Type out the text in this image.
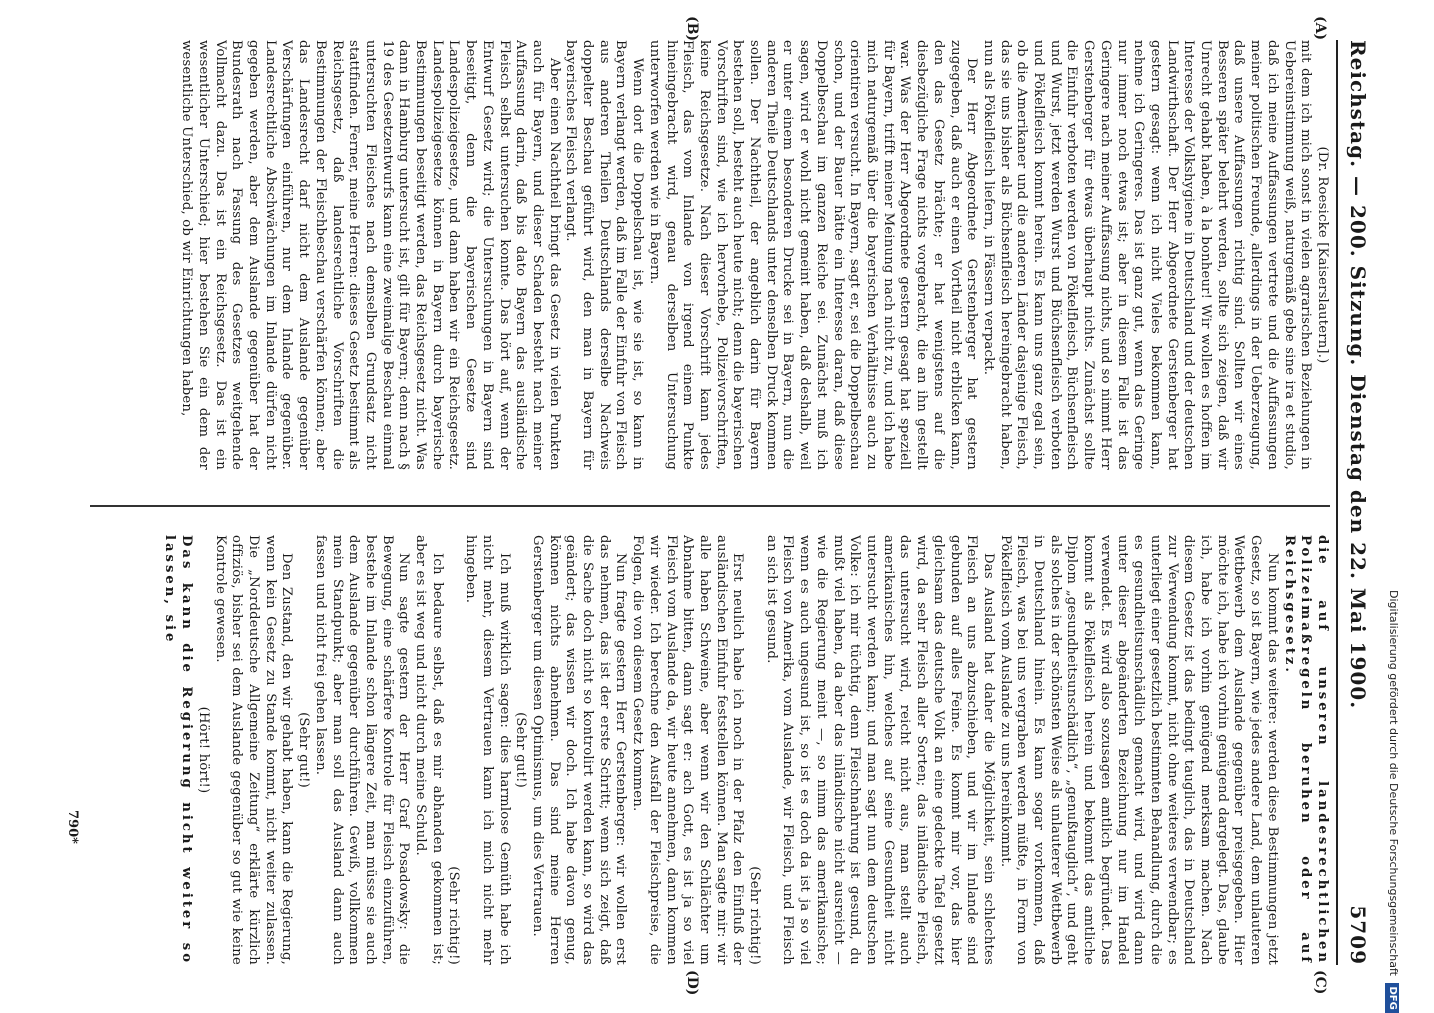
Reichstag. — 200. Sitzung. Dienstag den 22. Mai 1900.
5709
(A)
(B)
(C)
(D)

(Dr. Roesicke [Kaiserslautern].)

mit dem ich mich sonst in vielen agrarischen Beziehungen in Uebereinstimmung weiß, naturgemäß gebe sine ira et studio, daß ich meine Auffassungen vertrete und die Auffassungen meiner politischen Freunde, allerdings in der Ueberzeugung, daß unsere Auffassungen richtig sind. Sollten wir eines Besseren später belehrt werden, sollte sich zeigen, daß wir Unrecht gehabt haben, à la bonheur! Wir wollen es hoffen im Interesse der Volkshygiene in Deutschland und der deutschen Landwirthschaft. Der Herr Abgeordnete Gerstenberger hat gestern gesagt: wenn ich nicht Vieles bekommen kann, nehme ich Geringeres. Das ist ganz gut, wenn das Geringe nur immer noch etwas ist; aber in diesem Falle ist das Geringere nach meiner Auffassung nichts, und so nimmt Herr Gerstenberger für etwas überhaupt nichts. Zunächst sollte die Einfuhr verboten werden von Pökelfleisch, Büchsenfleisch und Wurst, jetzt werden Wurst und Büchsenfleisch verboten und Pökelfleisch kommt herein. Es kann uns ganz egal sein, ob die Amerikaner und die anderen Länder dasjenige Fleisch, das sie uns bisher als Büchsenfleisch hereingebracht haben, nun als Pökelfleisch liefern, in Fässern verpackt.

Der Herr Abgeordnete Gerstenberger hat gestern zugegeben, daß auch er einen Vortheil nicht erblicken kann, den das Gesetz brächte; er hat wenigstens auf die diesbezügliche Frage nichts vorgebracht, die an ihn gestellt war. Was der Herr Abgeordnete gestern gesagt hat speziell für Bayern, trifft meiner Meinung nach nicht zu, und ich habe mich naturgemäß über die bayerischen Verhältnisse auch zu orientiren versucht. In Bayern, sagt er, sei die Doppelbeschau schon, und der Bauer hätte ein Interesse daran, daß diese Doppelbeschau im ganzen Reiche sei. Zunächst muß ich sagen, wird er wohl nicht gemeint haben, daß deshalb, weil er unter einem besonderen Drucke sei in Bayern, nun die anderen Theile Deutschlands unter denselben Druck kommen sollen. Der Nachtheil, der angeblich darin für Bayern bestehen soll, besteht auch heute nicht; denn die bayerischen Vorschriften sind, wie ich hervorhebe, Polizeivorschriften, keine Reichsgesetze. Nach dieser Vorschrift kann jedes Fleisch, das vom Inlande von irgend einem Punkte hineingebracht wird, genau derselben Untersuchung unterworfen werden wie in Bayern.

Wenn dort die Doppelschau ist, wie sie ist, so kann in Bayern verlangt werden, daß im Falle der Einfuhr von Fleisch aus anderen Theilen Deutschlands derselbe Nachweis doppelter Beschau geführt wird, den man in Bayern für bayerisches Fleisch verlangt.

Aber einen Nachtheil bringt das Gesetz in vielen Punkten auch für Bayern, und dieser Schaden besteht nach meiner Auffassung darin, daß bis dato Bayern das ausländische Fleisch selbst untersuchen konnte. Das hört auf, wenn der Entwurf Gesetz wird; die Untersuchungen in Bayern sind beseitigt, denn die bayerischen Gesetze sind Landespolizeigesetze, und dann haben wir ein Reichsgesetz. Landespolizeigesetze können in Bayern durch bayerische Bestimmungen beseitigt werden, das Reichsgesetz nicht. Was dann in Hamburg untersucht ist, gilt für Bayern; denn nach § 19 des Gesetzentwurfs kann eine zweimalige Beschau einmal untersuchten Fleisches nach demselben Grundsatz nicht stattfinden. Ferner, meine Herren: dieses Gesetz bestimmt als Reichsgesetz, daß landesrechtliche Vorschriften die Bestimmungen der Fleischbeschau verschärfen können; aber das Landesrecht darf nicht dem Auslande gegenüber Verschärfungen einführen, nur dem Inlande gegenüber. Landesrechtliche Abschwächungen im Inlande dürfen nicht gegeben werden, aber dem Auslande gegenüber hat der Bundesrath nach Fassung des Gesetzes weitgehende Vollmacht dazu. Das ist ein Reichsgesetz. Das ist ein wesentlicher Unterschied; hier bestehen Sie ein dem der wesentliche Unterschied, ob wir Einrichtungen haben,

die auf unseren landesrechtlichen Polizeimaßregeln beruhen oder auf Reichsgesetz.

Nun kommt das weitere: werden diese Bestimmungen jetzt Gesetz, so ist Bayern, wie jedes andere Land, dem unlauteren Wettbewerb dem Auslande gegenüber preisgegeben. Hier möchte ich, habe ich vorhin genügend dargelegt. Das, glaube ich, habe ich vorhin genügend merksam machen. Nach diesem Gesetz ist das bedingt tauglich, das in Deutschland zur Verwendung kommt, nicht ohne weiteres verwendbar; es unterliegt einer gesetzlich bestimmten Behandlung, durch die es gesundheitsunschädlich gemacht wird, und wird dann unter dieser abgeänderten Bezeichnung nur im Handel verwendet. Es wird also sozusagen amtlich begründet. Das kommt als Pökelfleisch herein und bekommt das amtliche Diplom „gesundheitsunschädlich“, „genußtauglich“, und geht als solches in der schönsten Weise als unlauterer Wettbewerb in Deutschland hinein. Es kann sogar vorkommen, daß Fleisch, was bei uns vergraben werden müßte, in Form von Pökelfleisch vom Auslande zu uns hereinkommt.

Das Ausland hat daher die Möglichkeit, sein schlechtes Fleisch an uns abzuschieben, und wir im Inlande sind gebunden auf alles Feine. Es kommt mir vor, das hier gleichsam das deutsche Volk an eine gedeckte Tafel gesetzt wird, da sehr Fleisch aller Sorten; das inländische Fleisch, das untersucht wird, reicht nicht aus, man stellt auch amerikanisches hin, welches auf seine Gesundheit nicht untersucht werden kann; und man sagt nun dem deutschen Volke: ich mir tüchtig, denn Fleischnahrung ist gesund, du mußt viel haben, da aber das inländische nicht ausreicht — wie die Regierung meint —, so nimm das amerikanische; wenn es auch ungesund ist, so ist es doch da ist ja so viel Fleisch von Amerika, vom Auslande, wir Fleisch, und Fleisch an sich ist gesund.

(Sehr richtig!)

Erst neulich habe ich noch in der Pfalz den Einfluß der ausländischen Einfuhr feststellen können. Man sagte mir: wir alle haben Schweine, aber wenn wir den Schlächter um Abnahme bitten, dann sagt er: ach Gott, es ist ja so viel Fleisch vom Auslande da, wir heute annehmen, dann kommen wir wieder. Ich berechne den Ausfall der Fleischpreise, die Folgen, die von diesem Gesetz kommen.

Nun fragte gestern Herr Gerstenberger: wir wollen erst das nehmen, das ist der erste Schritt; wenn sich zeigt, daß die Sache doch nicht so kontrolirt werden kann, so wird das geändert; das wissen wir doch. Ich habe davon genug, können nichts abnehmen. Das sind meine Herren Gerstenberger um diesen Optimismus, um dies Vertrauen.

(Sehr gut!)

Ich muß wirklich sagen: dies harmlose Gemüth habe ich nicht mehr, diesem Vertrauen kann ich mich nicht mehr hingeben.

(Sehr richtig!)

Ich bedaure selbst, daß es mir abhanden gekommen ist; aber es ist weg und nicht durch meine Schuld.

Nun sagte gestern der Herr Graf Posadowsky: die Bewegung, eine schärfere Kontrole für Fleisch einzuführen, bestehe im Inlande schon längere Zeit, man müsse sie auch dem Auslande gegenüber durchführen. Gewiß, vollkommen mein Standpunkt; aber man soll das Ausland dann auch fassen und nicht frei gehen lassen.

(Sehr gut!)

Den Zustand, den wir gehabt haben, kann die Regierung, wenn kein Gesetz zu Stande kommt, nicht weiter zulassen. Die „Norddeutsche Allgemeine Zeitung“ erklärte kürzlich offiziös, bisher sei dem Auslande gegenüber so gut wie keine Kontrole gewesen.

(Hört! hört!)

Das kann die Regierung nicht weiter so lassen, sie

790*	Digitalisierung gefördert durch die Deutsche Forschungsgemeinschaft DFG
